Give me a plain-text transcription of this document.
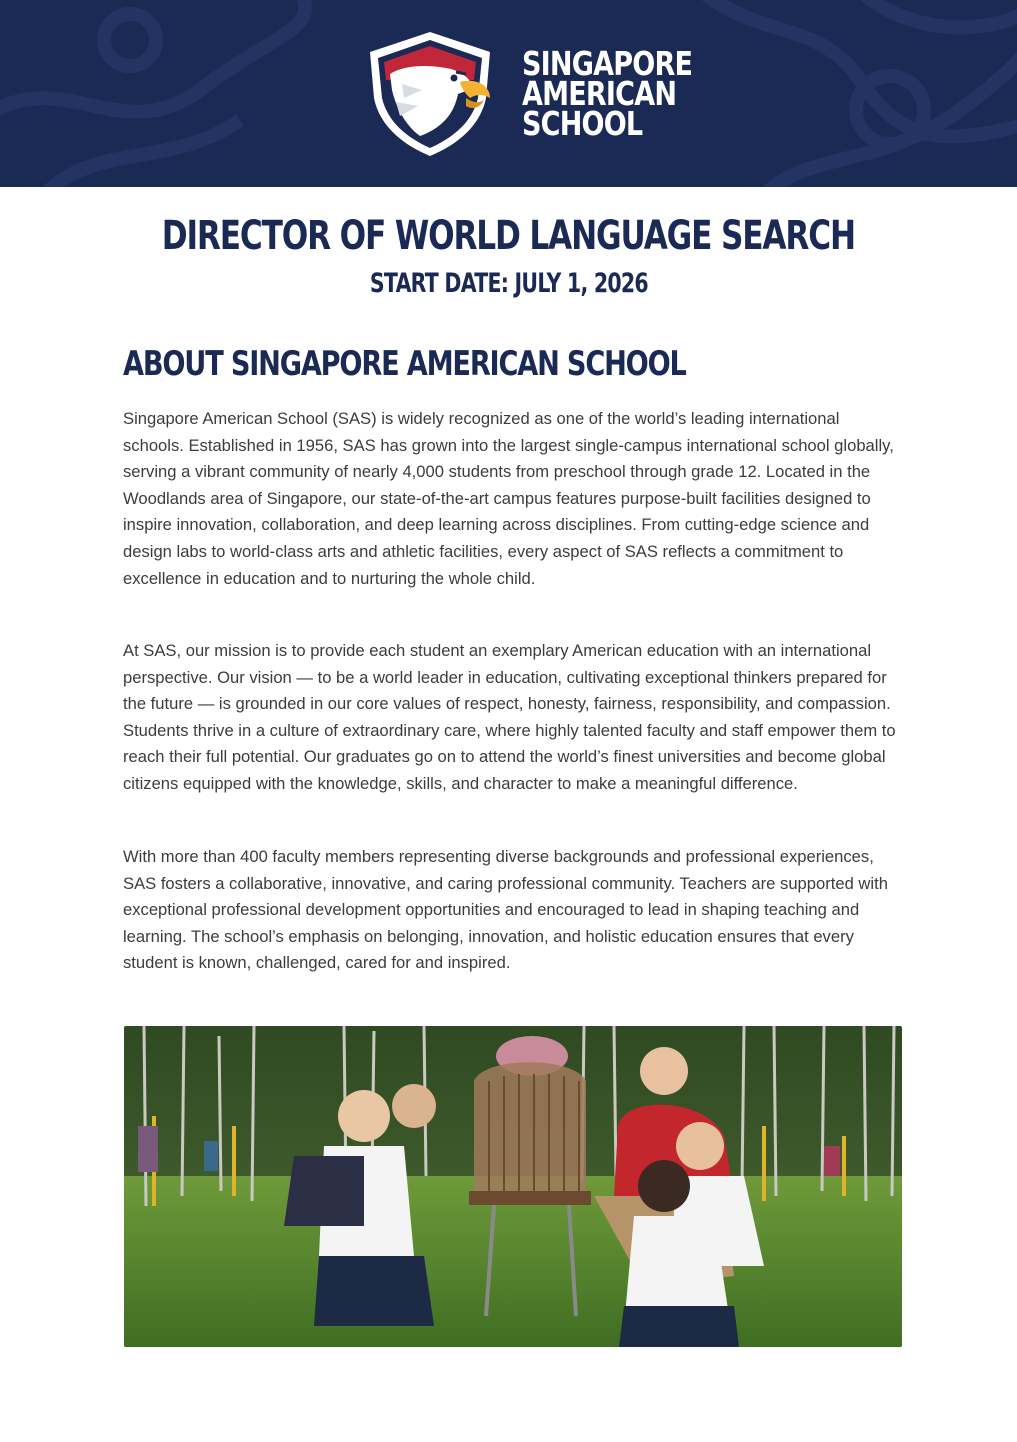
SINGAPORE
AMERICAN
SCHOOL
DIRECTOR OF WORLD LANGUAGE SEARCH
START DATE: JULY 1, 2026
ABOUT SINGAPORE AMERICAN SCHOOL

Singapore American School (SAS) is widely recognized as one of the world’s leading international schools. Established in 1956, SAS has grown into the largest single-campus international school globally, serving a vibrant community of nearly 4,000 students from preschool through grade 12. Located in the Woodlands area of Singapore, our state-of-the-art campus features purpose-built facilities designed to inspire innovation, collaboration, and deep learning across disciplines. From cutting-edge science and design labs to world-class arts and athletic facilities, every aspect of SAS reflects a commitment to excellence in education and to nurturing the whole child.

At SAS, our mission is to provide each student an exemplary American education with an international perspective. Our vision — to be a world leader in education, cultivating exceptional thinkers prepared for the future — is grounded in our core values of respect, honesty, fairness, responsibility, and compassion. Students thrive in a culture of extraordinary care, where highly talented faculty and staff empower them to reach their full potential. Our graduates go on to attend the world’s finest universities and become global citizens equipped with the knowledge, skills, and character to make a meaningful difference.

With more than 400 faculty members representing diverse backgrounds and professional experiences, SAS fosters a collaborative, innovative, and caring professional community. Teachers are supported with exceptional professional development opportunities and encouraged to lead in shaping teaching and learning. The school’s emphasis on belonging, innovation, and holistic education ensures that every student is known, challenged, cared for and inspired.
